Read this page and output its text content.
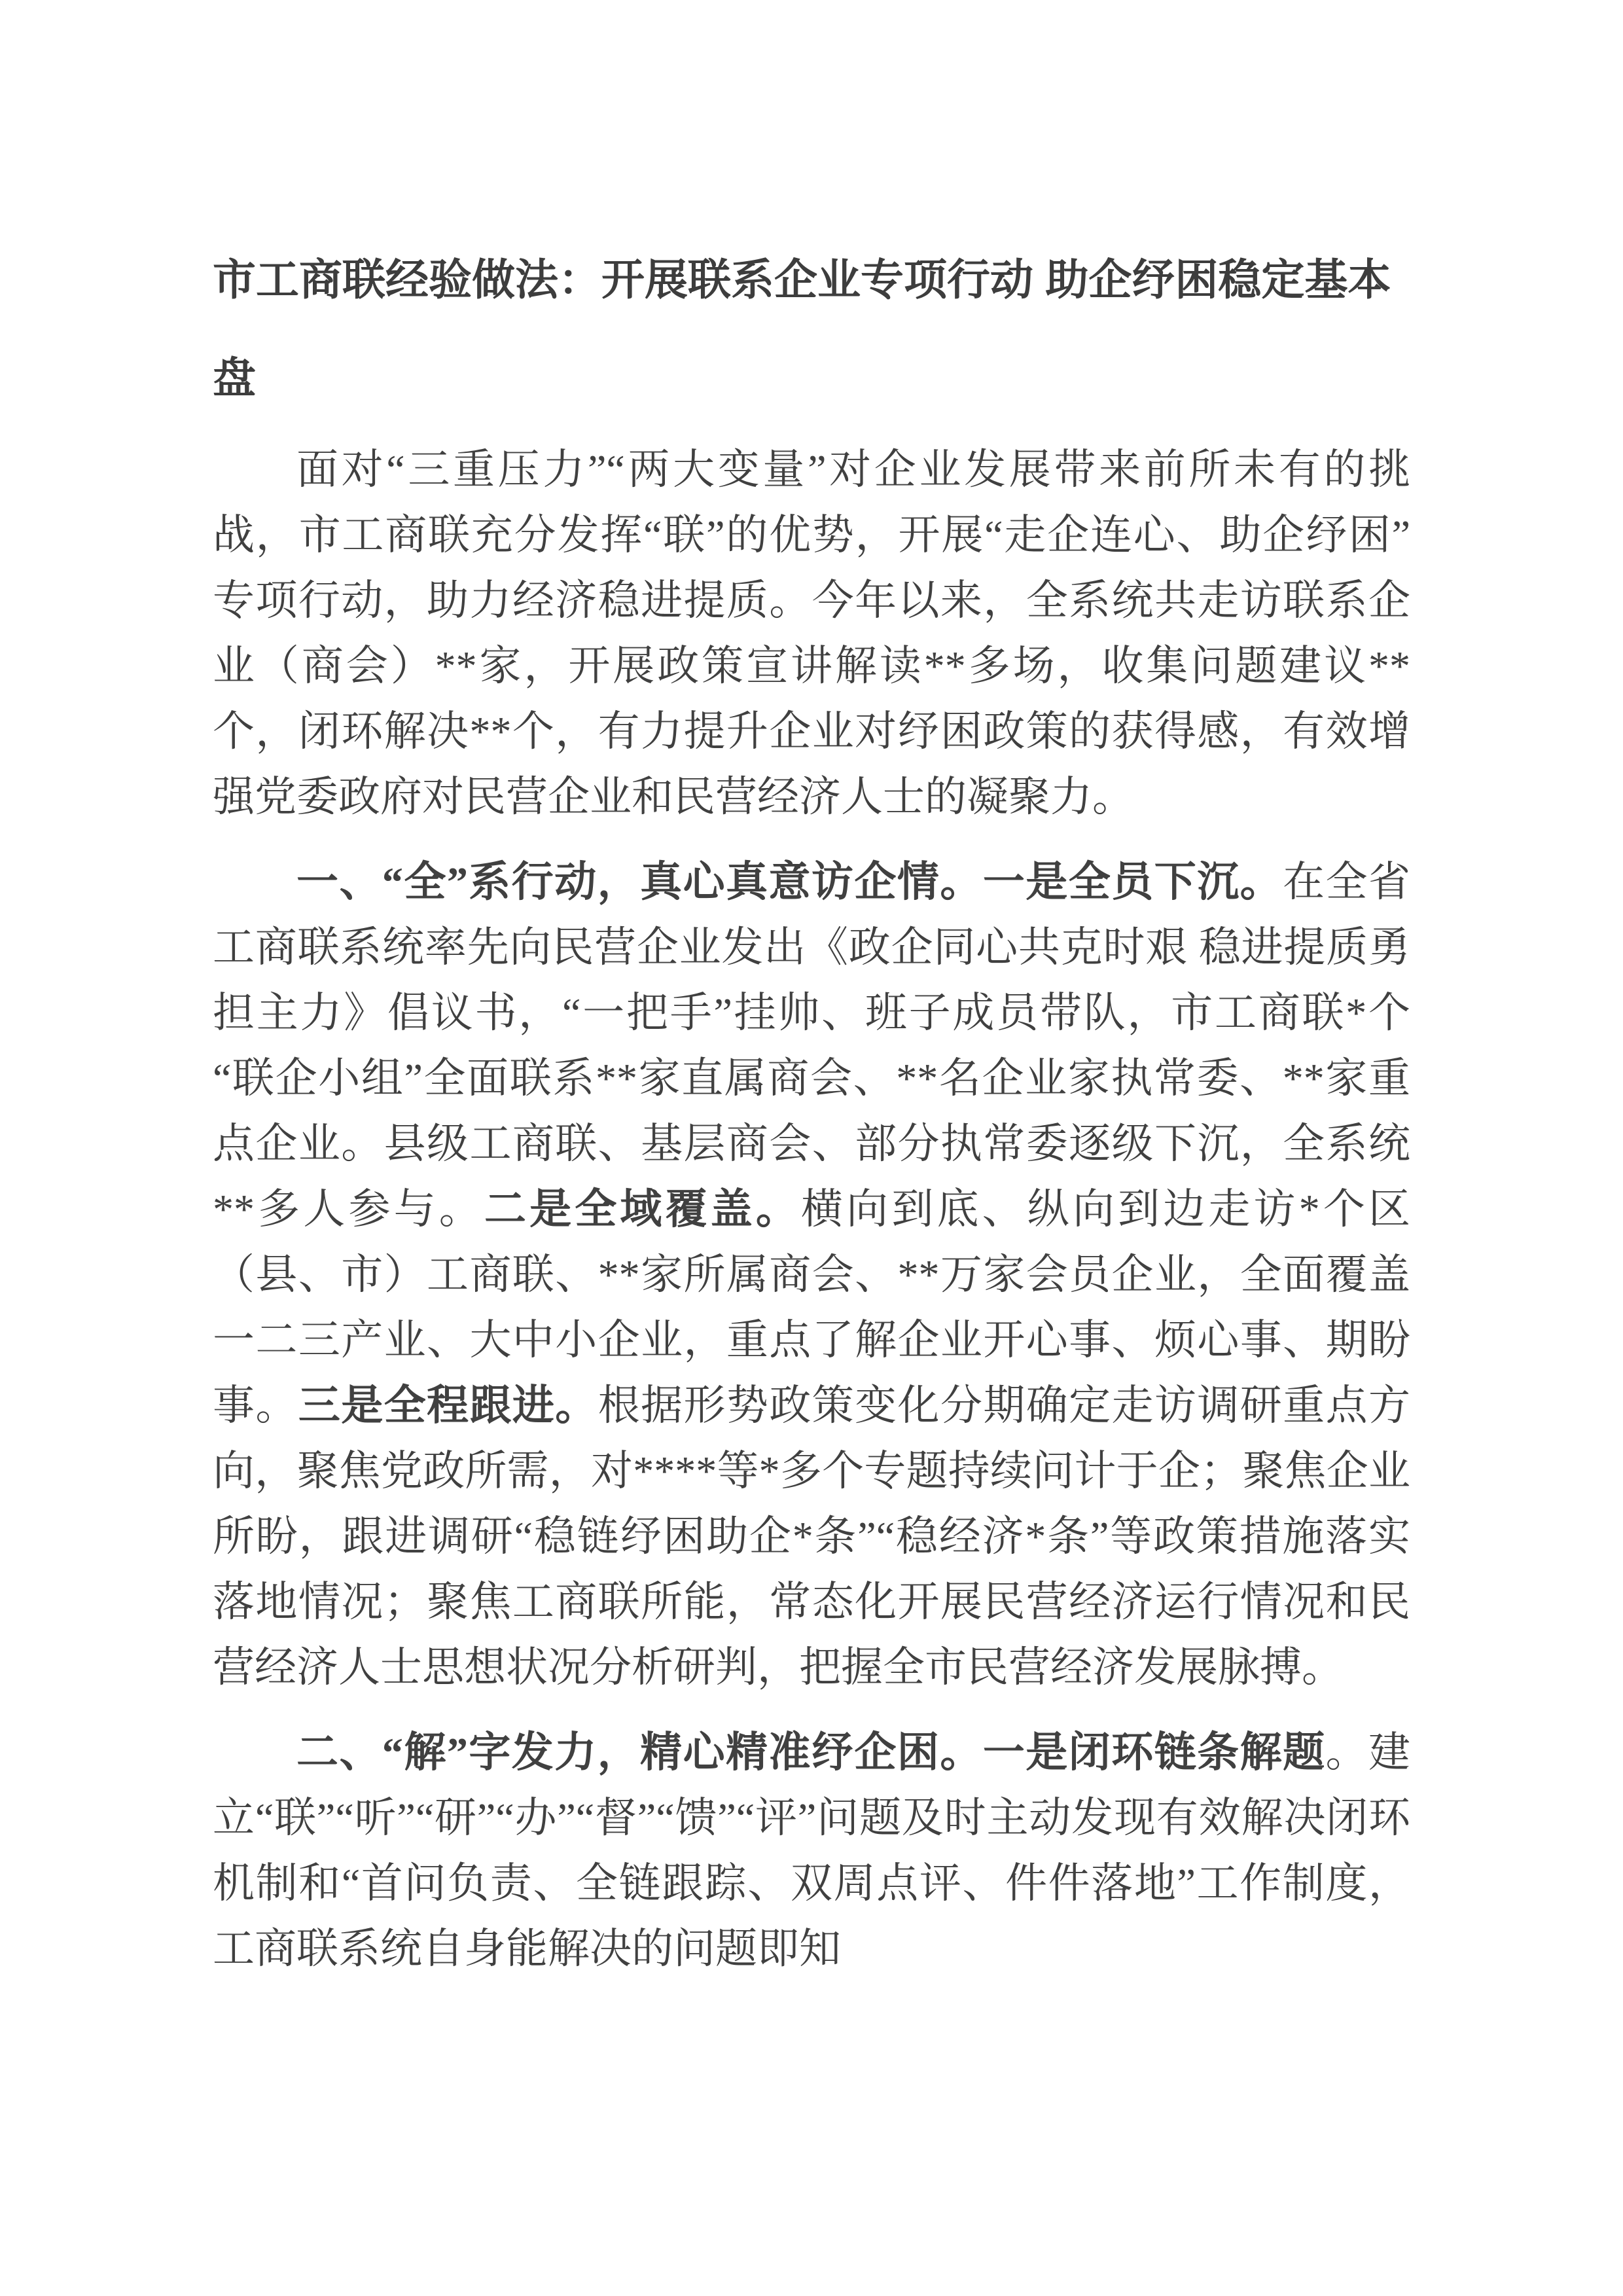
市工商联经验做法：开展联系企业专项行动 助企纾困稳定基本盘

面对“三重压力”“两大变量”对企业发展带来前所未有的挑战，市工商联充分发挥“联”的优势，开展“走企连心、助企纾困”专项行动，助力经济稳进提质。今年以来，全系统共走访联系企业（商会）**家，开展政策宣讲解读**多场，收集问题建议**个，闭环解决**个，有力提升企业对纾困政策的获得感，有效增强党委政府对民营企业和民营经济人士的凝聚力。

一、“全”系行动，真心真意访企情。一是全员下沉。在全省工商联系统率先向民营企业发出《政企同心共克时艰 稳进提质勇担主力》倡议书，“一把手”挂帅、班子成员带队，市工商联*个“联企小组”全面联系**家直属商会、**名企业家执常委、**家重点企业。县级工商联、基层商会、部分执常委逐级下沉，全系统**多人参与。二是全域覆盖。横向到底、纵向到边走访*个区（县、市）工商联、**家所属商会、**万家会员企业，全面覆盖一二三产业、大中小企业，重点了解企业开心事、烦心事、期盼事。三是全程跟进。根据形势政策变化分期确定走访调研重点方向，聚焦党政所需，对****等*多个专题持续问计于企；聚焦企业所盼，跟进调研“稳链纾困助企*条”“稳经济*条”等政策措施落实落地情况；聚焦工商联所能，常态化开展民营经济运行情况和民营经济人士思想状况分析研判，把握全市民营经济发展脉搏。

二、“解”字发力，精心精准纾企困。一是闭环链条解题。建立“联”“听”“研”“办”“督”“馈”“评”问题及时主动发现有效解决闭环机制和“首问负责、全链跟踪、双周点评、件件落地”工作制度，工商联系统自身能解决的问题即知
